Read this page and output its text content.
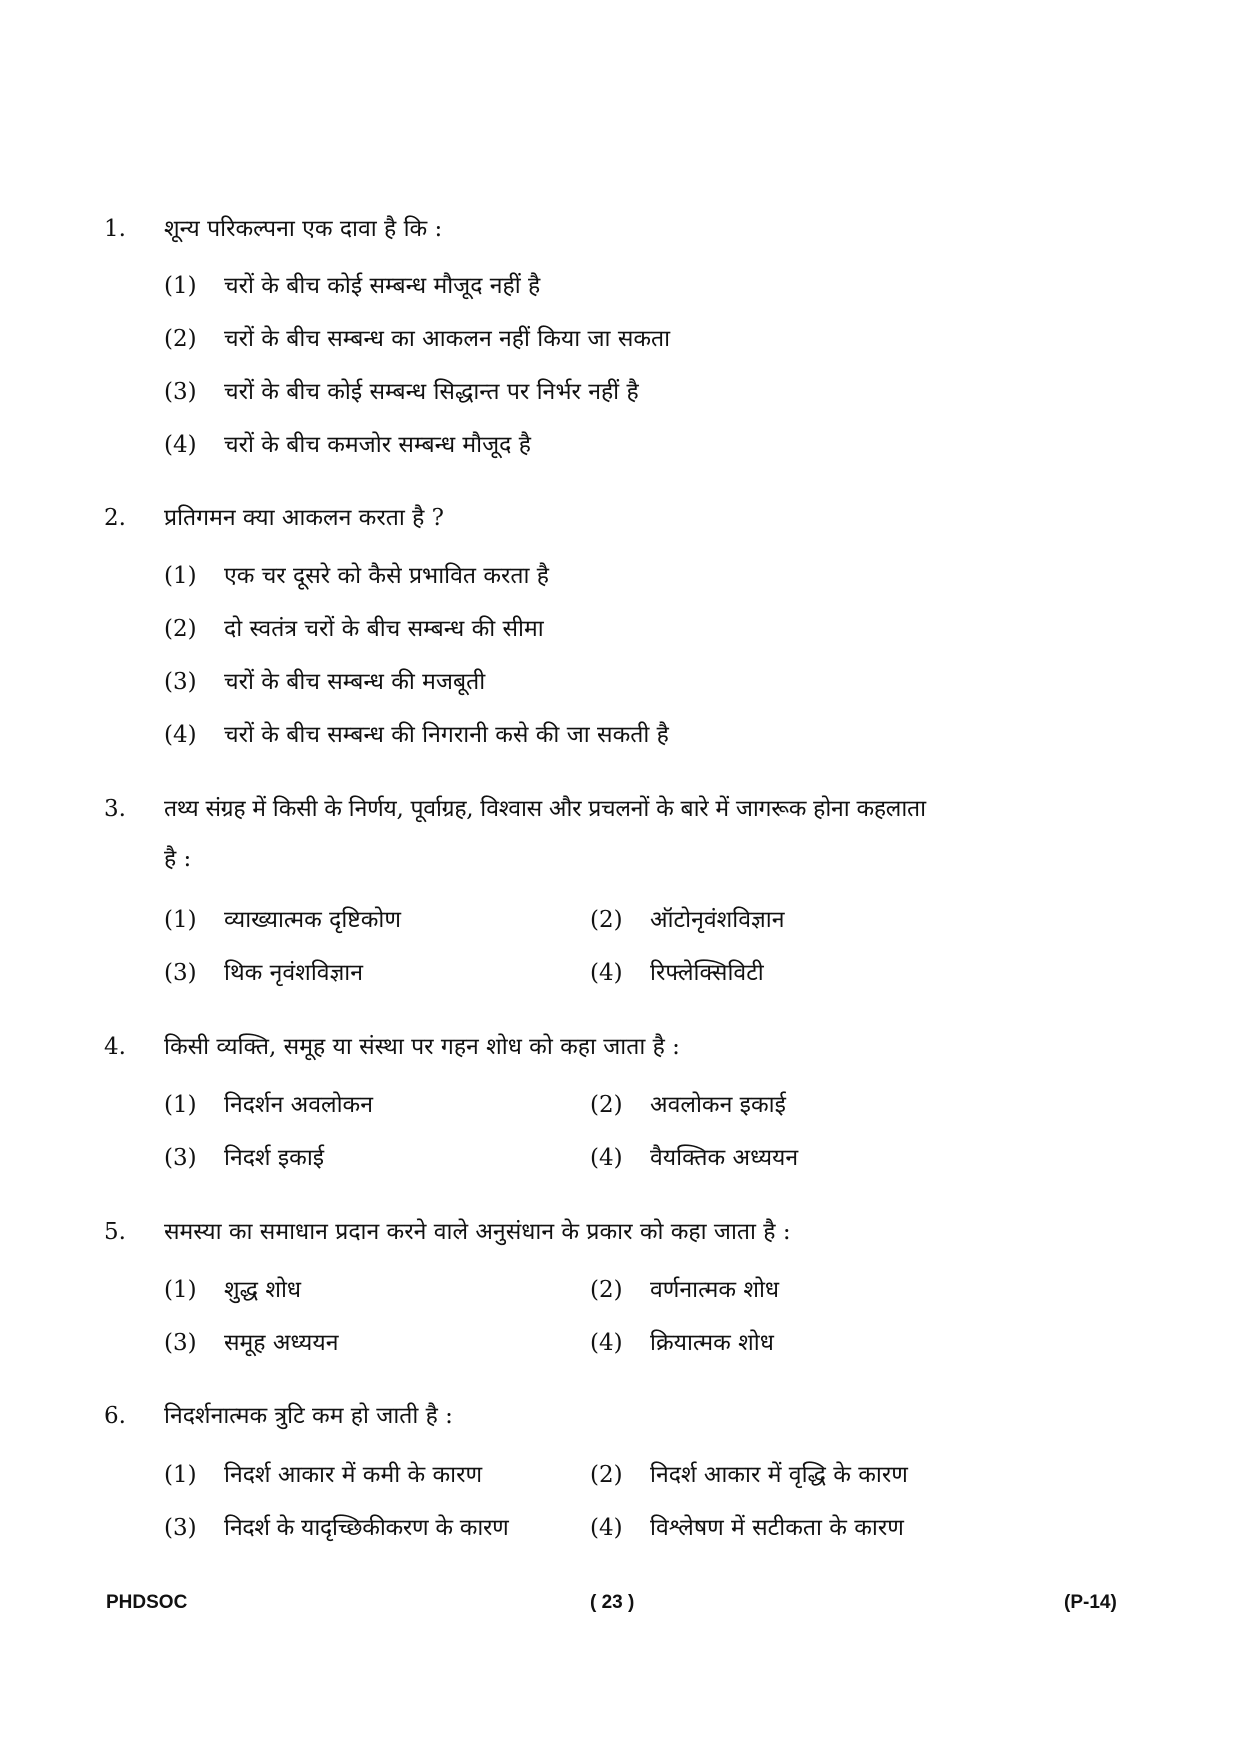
1. शून्य परिकल्पना एक दावा है कि :
(1) चरों के बीच कोई सम्बन्ध मौजूद नहीं है
(2) चरों के बीच सम्बन्ध का आकलन नहीं किया जा सकता
(3) चरों के बीच कोई सम्बन्ध सिद्धान्त पर निर्भर नहीं है
(4) चरों के बीच कमजोर सम्बन्ध मौजूद है
2. प्रतिगमन क्या आकलन करता है ?
(1) एक चर दूसरे को कैसे प्रभावित करता है
(2) दो स्वतंत्र चरों के बीच सम्बन्ध की सीमा
(3) चरों के बीच सम्बन्ध की मजबूती
(4) चरों के बीच सम्बन्ध की निगरानी कसे की जा सकती है
3. तथ्य संग्रह में किसी के निर्णय, पूर्वाग्रह, विश्वास और प्रचलनों के बारे में जागरूक होना कहलाता
है :
(1) व्याख्यात्मक दृष्टिकोण	(2) ऑटोनृवंशविज्ञान
(3) थिक नृवंशविज्ञान	(4) रिफ्लेक्सिविटी
4. किसी व्यक्ति, समूह या संस्था पर गहन शोध को कहा जाता है :
(1) निदर्शन अवलोकन	(2) अवलोकन इकाई
(3) निदर्श इकाई	(4) वैयक्तिक अध्ययन
5. समस्या का समाधान प्रदान करने वाले अनुसंधान के प्रकार को कहा जाता है :
(1) शुद्ध शोध	(2) वर्णनात्मक शोध
(3) समूह अध्ययन	(4) क्रियात्मक शोध
6. निदर्शनात्मक त्रुटि कम हो जाती है :
(1) निदर्श आकार में कमी के कारण	(2) निदर्श आकार में वृद्धि के कारण
(3) निदर्श के यादृच्छिकीकरण के कारण	(4) विश्लेषण में सटीकता के कारण
PHDSOC	( 23 )	(P-14)
